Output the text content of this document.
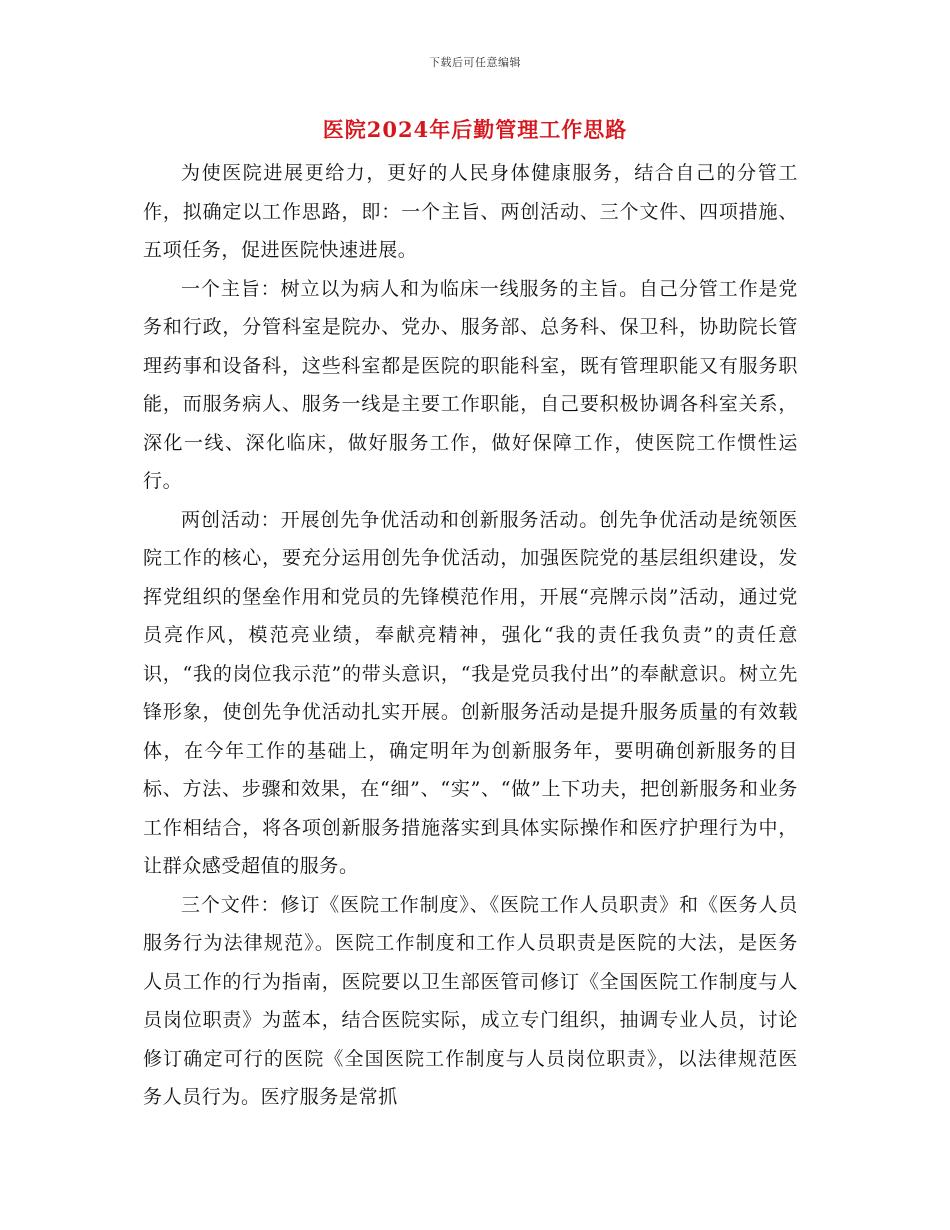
下载后可任意编辑
医院2024年后勤管理工作思路

为使医院进展更给力，更好的人民身体健康服务，结合自己的分管工作，拟确定以工作思路，即：一个主旨、两创活动、三个文件、四项措施、五项任务，促进医院快速进展。

一个主旨：树立以为病人和为临床一线服务的主旨。自己分管工作是党务和行政，分管科室是院办、党办、服务部、总务科、保卫科，协助院长管理药事和设备科，这些科室都是医院的职能科室，既有管理职能又有服务职能，而服务病人、服务一线是主要工作职能，自己要积极协调各科室关系，深化一线、深化临床，做好服务工作，做好保障工作，使医院工作惯性运行。

两创活动：开展创先争优活动和创新服务活动。创先争优活动是统领医院工作的核心，要充分运用创先争优活动，加强医院党的基层组织建设，发挥党组织的堡垒作用和党员的先锋模范作用，开展“亮牌示岗”活动，通过党员亮作风，模范亮业绩，奉献亮精神，强化“我的责任我负责”的责任意识，“我的岗位我示范”的带头意识，“我是党员我付出”的奉献意识。树立先锋形象，使创先争优活动扎实开展。创新服务活动是提升服务质量的有效载体，在今年工作的基础上，确定明年为创新服务年，要明确创新服务的目标、方法、步骤和效果，在“细”、“实”、“做”上下功夫，把创新服务和业务工作相结合，将各项创新服务措施落实到具体实际操作和医疗护理行为中，让群众感受超值的服务。

三个文件：修订《医院工作制度》、《医院工作人员职责》和《医务人员服务行为法律规范》。医院工作制度和工作人员职责是医院的大法，是医务人员工作的行为指南，医院要以卫生部医管司修订《全国医院工作制度与人员岗位职责》为蓝本，结合医院实际，成立专门组织，抽调专业人员，讨论修订确定可行的医院《全国医院工作制度与人员岗位职责》，以法律规范医务人员行为。医疗服务是常抓
